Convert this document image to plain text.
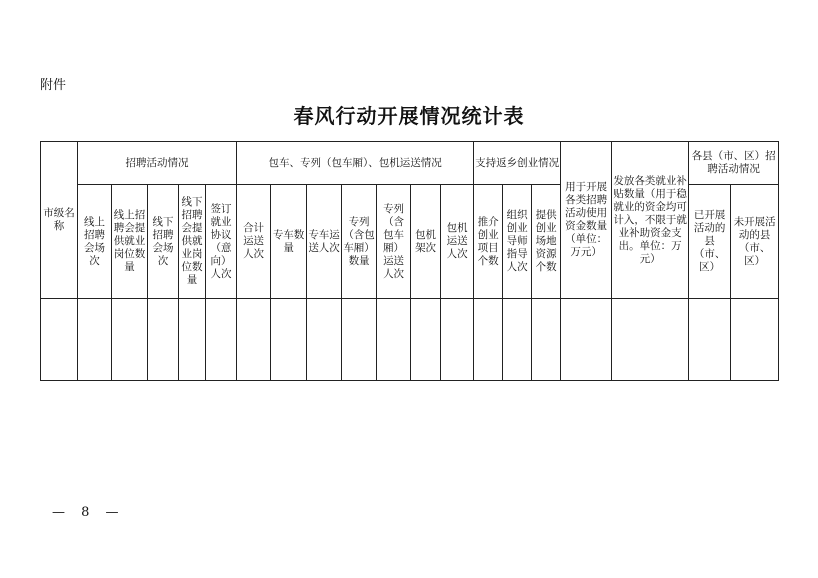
附件
春风行动开展情况统计表
市级名称	招聘活动情况					包车、专列（包车厢）、包机运送情况							支持返乡创业情况			用于开展各类招聘活动使用资金数量（单位：万元）	发放各类就业补贴数量（用于稳就业的资金均可计入，不限于就业补助资金支出。单位：万元）	各县（市、区）招聘活动情况	
	线上招聘会场次	线上招聘会提供就业岗位数量	线下招聘会场次	线下招聘会提供就业岗位数量	签订就业协议（意向）人次	合计运送人次	专车数量	专车运送人次	专列（含包车厢）数量	专列（含包车厢）运送人次	包机架次	包机运送人次	推介创业项目个数	组织创业导师指导人次	提供创业场地资源个数			已开展活动的县（市、区）	未开展活动的县（市、区）

— 8 —
